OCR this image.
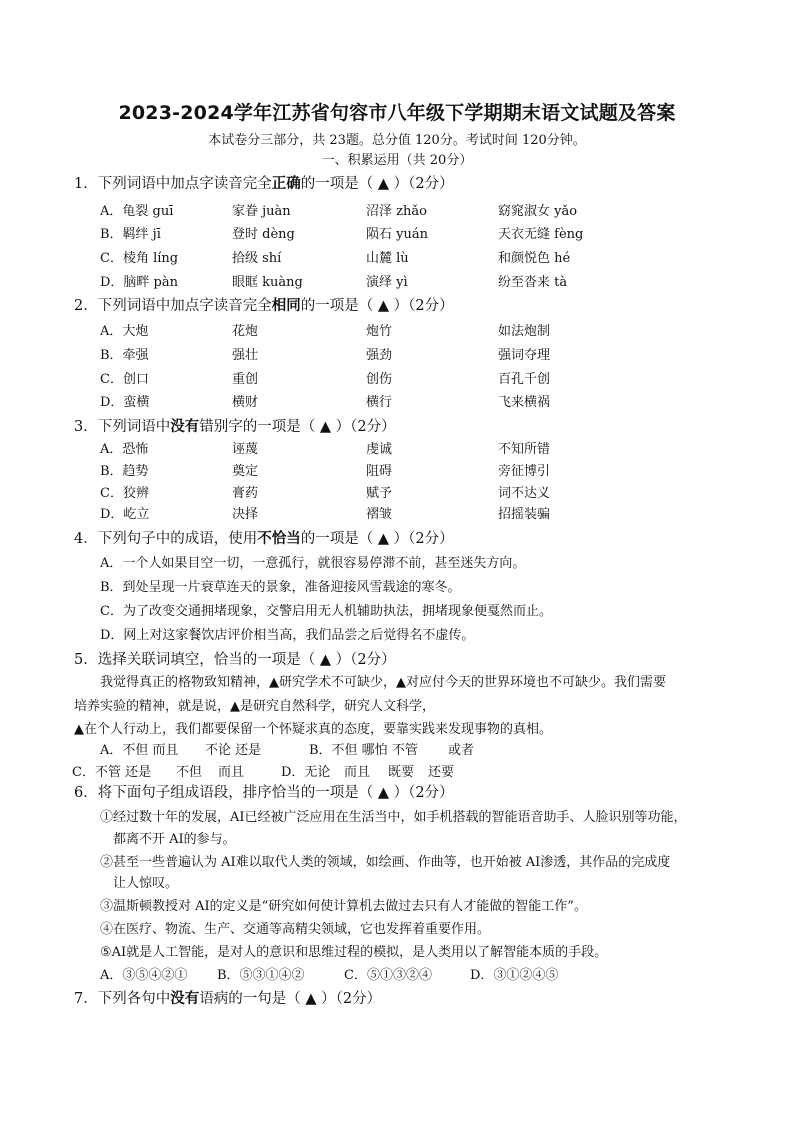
2023-2024学年江苏省句容市八年级下学期期末语文试题及答案
本试卷分三部分，共 23题。总分值 120分。考试时间 120分钟。
一、积累运用（共 20分）
1．下列词语中加点字读音完全正确的一项是（ ▲ ）（2分）
A．龟裂 guī	家眷 juàn	沼泽 zhǎo	窈窕淑女 yǎo
B．羁绊 jī	登时 dèng	陨石 yuán	天衣无缝 fèng
C．棱角 líng	拾级 shí	山麓 lù	和颜悦色 hé
D．脑畔 pàn	眼眶 kuàng	演绎 yì	纷至沓来 tà
2．下列词语中加点字读音完全相同的一项是（ ▲ ）（2分）
A．大炮	花炮	炮竹	如法炮制
B．牵强	强壮	强劲	强词夺理
C．创口	重创	创伤	百孔千创
D．蛮横	横财	横行	飞来横祸
3．下列词语中没有错别字的一项是（ ▲ ）（2分）
A．恐怖	诬蔑	虔诚	不知所错
B．趋势	奠定	阻碍	旁征博引
C．狡辨	膏药	赋予	词不达义
D．屹立	决择	褶皱	招摇装骗
4．下列句子中的成语，使用不恰当的一项是（ ▲ ）（2分）
A．一个人如果目空一切，一意孤行，就很容易停滞不前，甚至迷失方向。
B．到处呈现一片衰草连天的景象，准备迎接风雪载途的寒冬。
C．为了改变交通拥堵现象，交警启用无人机辅助执法，拥堵现象便戛然而止。
D．网上对这家餐饮店评价相当高，我们品尝之后觉得名不虚传。
5．选择关联词填空，恰当的一项是（ ▲ ）（2分）
我觉得真正的格物致知精神，▲研究学术不可缺少，▲对应付今天的世界环境也不可缺少。我们需要
培养实验的精神，就是说，▲是研究自然科学，研究人文科学，
▲在个人行动上，我们都要保留一个怀疑求真的态度，要靠实践来发现事物的真相。
A．不但 而且 不论 还是	B．不但 哪怕 不管 或者
C．不管 还是 不但 而且	D．无论 而且 既要 还要
6．将下面句子组成语段，排序恰当的一项是（ ▲ ）（2分）
①经过数十年的发展，AI已经被广泛应用在生活当中，如手机搭载的智能语音助手、人脸识别等功能，
都离不开 AI的参与。
②甚至一些普遍认为 AI难以取代人类的领域，如绘画、作曲等，也开始被 AI渗透，其作品的完成度
让人惊叹。
③温斯顿教授对 AI的定义是“研究如何使计算机去做过去只有人才能做的智能工作”。
④在医疗、物流、生产、交通等高精尖领域，它也发挥着重要作用。
⑤AI就是人工智能，是对人的意识和思维过程的模拟，是人类用以了解智能本质的手段。
A．③⑤④②① B．⑤③①④②	C．⑤①③②④	D．③①②④⑤
7．下列各句中没有语病的一句是（ ▲ ）（2分）
